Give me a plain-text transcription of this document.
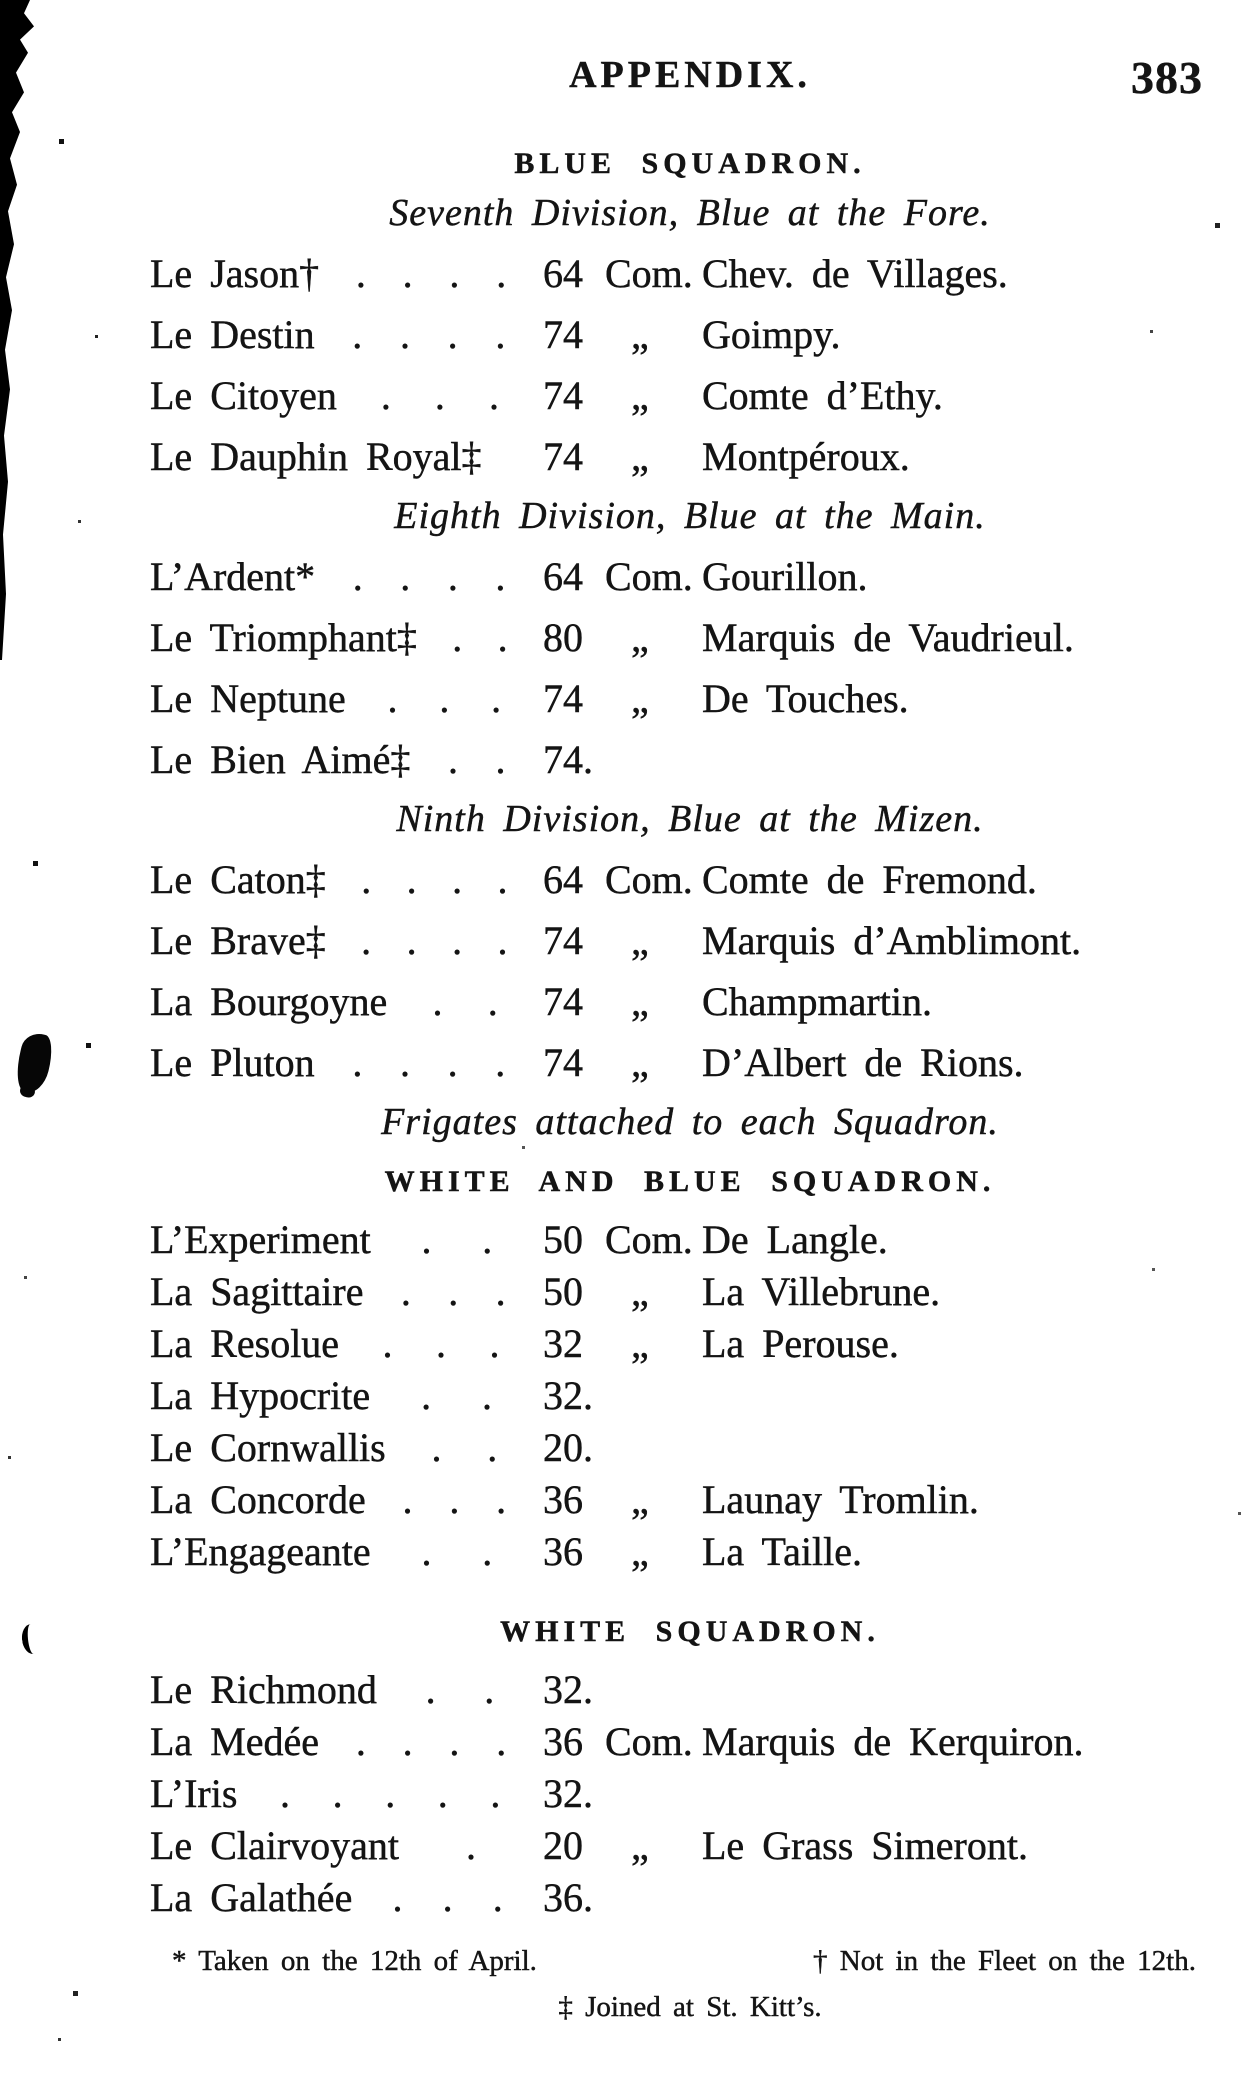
383
APPENDIX.
BLUE SQUADRON.
Seventh Division, Blue at the Fore.
Le Jason† . . . . 64 Com. Chev. de Villages.
Le Destin . . . . 74	„	Goimpy.
Le Citoyen . . . 74	„	Comte d’Ethy.
Le Dauphin Royal‡ 74	„	Montpéroux.
Eighth Division, Blue at the Main.
L’Ardent* . . . . 64 Com. Gourillon.
Le Triomphant‡ . . 80	„	Marquis de Vaudrieul.
Le Neptune . . . 74	„	De Touches.
Le Bien Aimé‡ . . 74.
Ninth Division, Blue at the Mizen.
Le Caton‡ . . . . 64 Com. Comte de Fremond.
Le Brave‡ . . . . 74	„	Marquis d’Amblimont.
La Bourgoyne . . 74	„	Champmartin.
Le Pluton . . . . 74	„	D’Albert de Rions.
Frigates attached to each Squadron.
WHITE AND BLUE SQUADRON.
L’Experiment . . 50 Com. De Langle.
La Sagittaire . . . 50	„	La Villebrune.
La Resolue . . . 32	„	La Perouse.
La Hypocrite . . 32.
Le Cornwallis . . 20.
La Concorde . . . 36	„	Launay Tromlin.
L’Engageante . . 36	„	La Taille.
WHITE SQUADRON.
Le Richmond . . 32.
La Medée . . . . 36 Com. Marquis de Kerquiron.
L’Iris . . . . . 32.
Le Clairvoyant . 20	„	Le Grass Simeront.
La Galathée . . . 36.
* Taken on the 12th of April.	† Not in the Fleet on the 12th.
‡ Joined at St. Kitt’s.
